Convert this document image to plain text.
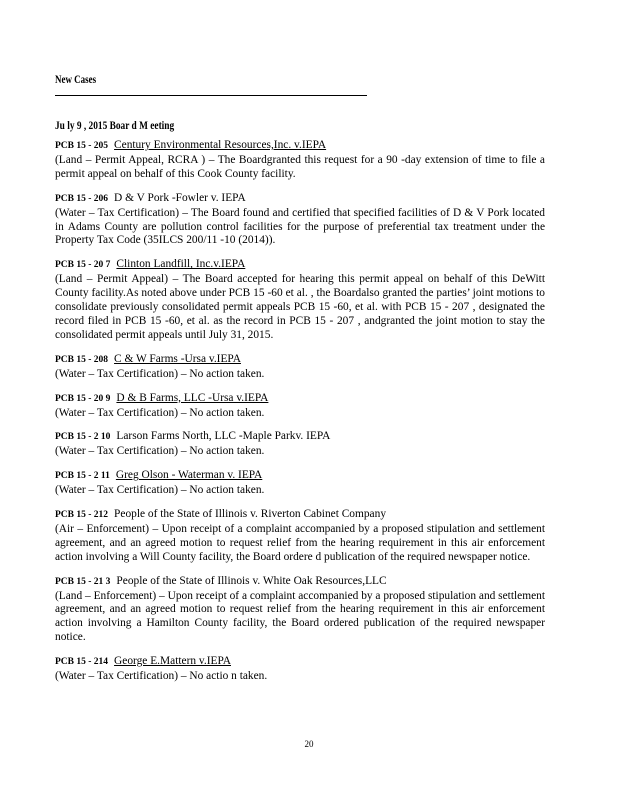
New Cases
Ju ly 9 , 2015 Boar d M eeting
PCB 15 - 205 Century Environmental Resources,Inc. v.IEPA
(Land – Permit Appeal, RCRA ) – The Boardgranted this request for a 90 -day extension of time to file a permit appeal on behalf of this Cook County facility.
PCB 15 - 206 D & V Pork -Fowler v. IEPA
(Water – Tax Certification) – The Board found and certified that specified facilities of D & V Pork located in Adams County are pollution control facilities for the purpose of preferential tax treatment under the Property Tax Code (35ILCS 200/11 -10 (2014)).
PCB 15 - 20 7 Clinton Landfill, Inc.v.IEPA
(Land – Permit Appeal) – The Board accepted for hearing this permit appeal on behalf of this DeWitt County facility.As noted above under PCB 15 -60 et al. , the Boardalso granted the parties’ joint motions to consolidate previously consolidated permit appeals PCB 15 -60, et al. with PCB 15 - 207 , designated the record filed in PCB 15 -60, et al. as the record in PCB 15 - 207 , andgranted the joint motion to stay the consolidated permit appeals until July 31, 2015.
PCB 15 - 208 C & W Farms -Ursa v.IEPA
(Water – Tax Certification) – No action taken.
PCB 15 - 20 9 D & B Farms, LLC -Ursa v.IEPA
(Water – Tax Certification) – No action taken.
PCB 15 - 2 10 Larson Farms North, LLC -Maple Parkv. IEPA
(Water – Tax Certification) – No action taken.
PCB 15 - 2 11 Greg Olson - Waterman v. IEPA
(Water – Tax Certification) – No action taken.
PCB 15 - 212 People of the State of Illinois v. Riverton Cabinet Company
(Air – Enforcement) – Upon receipt of a complaint accompanied by a proposed stipulation and settlement agreement, and an agreed motion to request relief from the hearing requirement in this air enforcement action involving a Will County facility, the Board ordere d publication of the required newspaper notice.
PCB 15 - 21 3 People of the State of Illinois v. White Oak Resources,LLC
(Land – Enforcement) – Upon receipt of a complaint accompanied by a proposed stipulation and settlement agreement, and an agreed motion to request relief from the hearing requirement in this air enforcement action involving a Hamilton County facility, the Board ordered publication of the required newspaper notice.
PCB 15 - 214 George E.Mattern v.IEPA
(Water – Tax Certification) – No actio n taken.
20
